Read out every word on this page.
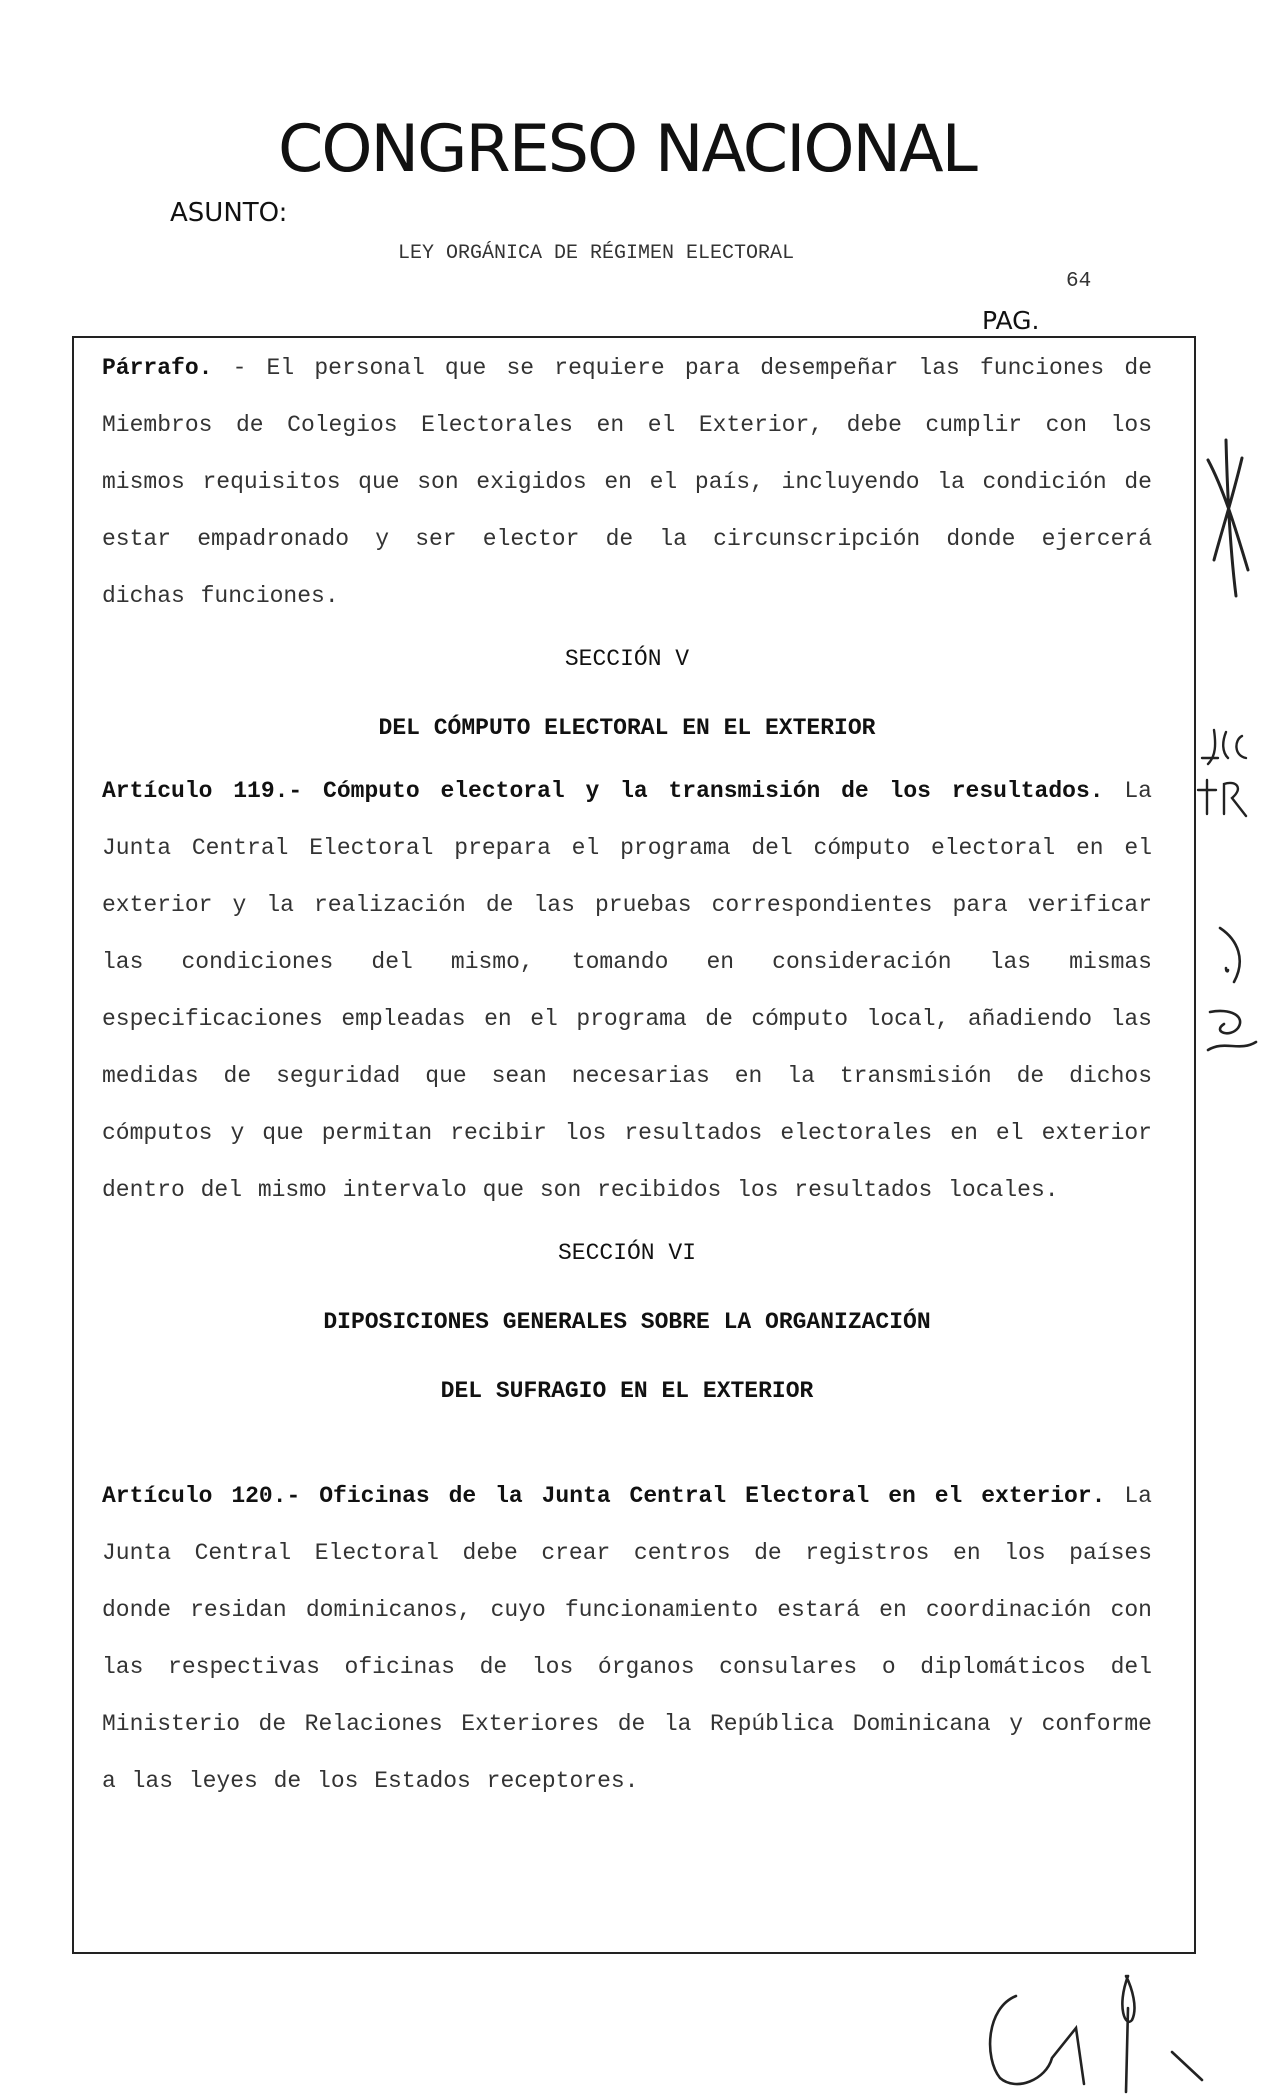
CONGRESO NACIONAL
ASUNTO:
LEY ORGÁNICA DE RÉGIMEN ELECTORAL
64
PAG.

Párrafo. - El personal que se requiere para desempeñar las funciones de Miembros de Colegios Electorales en el Exterior, debe cumplir con los mismos requisitos que son exigidos en el país, incluyendo la condición de estar empadronado y ser elector de la circunscripción donde ejercerá dichas funciones.

SECCIÓN V

DEL CÓMPUTO ELECTORAL EN EL EXTERIOR

Artículo 119.- Cómputo electoral y la transmisión de los resultados. La Junta Central Electoral prepara el programa del cómputo electoral en el exterior y la realización de las pruebas correspondientes para verificar las condiciones del mismo, tomando en consideración las mismas especificaciones empleadas en el programa de cómputo local, añadiendo las medidas de seguridad que sean necesarias en la transmisión de dichos cómputos y que permitan recibir los resultados electorales en el exterior dentro del mismo intervalo que son recibidos los resultados locales.

SECCIÓN VI

DIPOSICIONES GENERALES SOBRE LA ORGANIZACIÓN

DEL SUFRAGIO EN EL EXTERIOR

Artículo 120.- Oficinas de la Junta Central Electoral en el exterior. La Junta Central Electoral debe crear centros de registros en los países donde residan dominicanos, cuyo funcionamiento estará en coordinación con las respectivas oficinas de los órganos consulares o diplomáticos del Ministerio de Relaciones Exteriores de la República Dominicana y conforme a las leyes de los Estados receptores.
